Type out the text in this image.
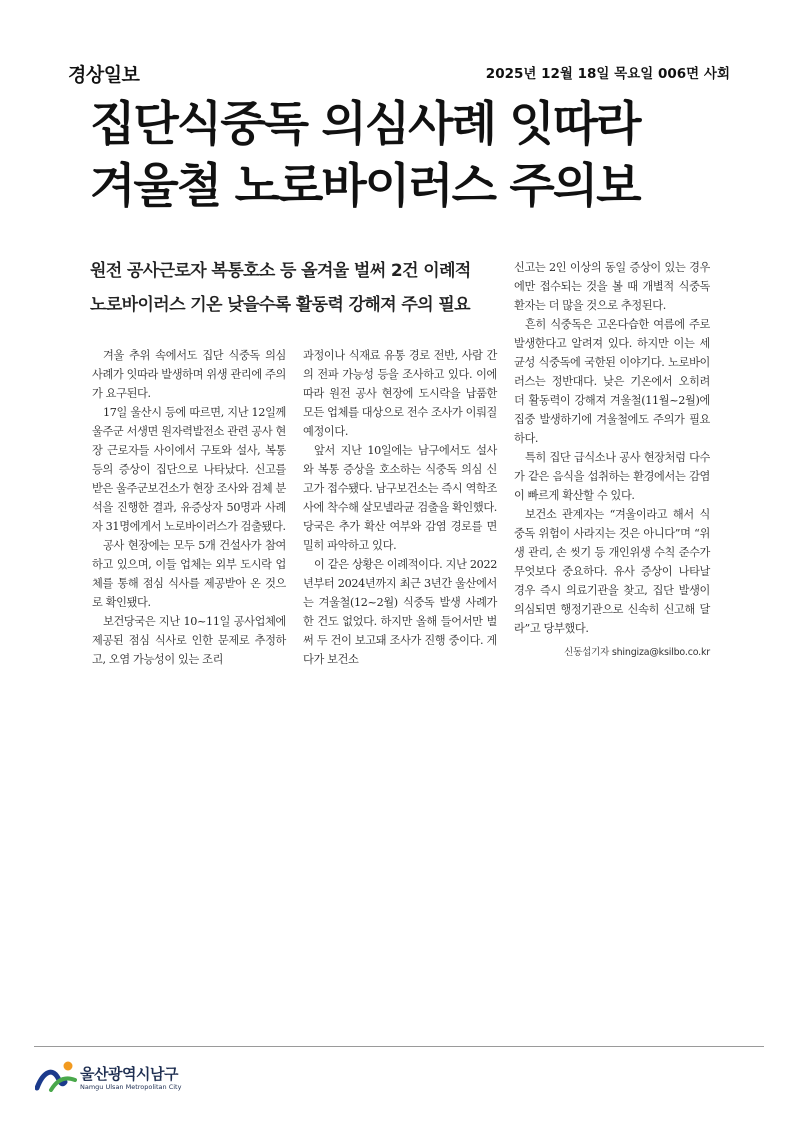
경상일보	2025년 12월 18일 목요일 006면 사회
집단식중독 의심사례 잇따라
겨울철 노로바이러스 주의보
원전 공사근로자 복통호소 등 올겨울 벌써 2건 이례적
노로바이러스 기온 낮을수록 활동력 강해져 주의 필요

겨울 추위 속에서도 집단 식중독 의심 사례가 잇따라 발생하며 위생 관리에 주의가 요구된다.

17일 울산시 등에 따르면, 지난 12일께 울주군 서생면 원자력발전소 관련 공사 현장 근로자들 사이에서 구토와 설사, 복통 등의 증상이 집단으로 나타났다. 신고를 받은 울주군보건소가 현장 조사와 검체 분석을 진행한 결과, 유증상자 50명과 사례자 31명에게서 노로바이러스가 검출됐다.

공사 현장에는 모두 5개 건설사가 참여하고 있으며, 이들 업체는 외부 도시락 업체를 통해 점심 식사를 제공받아 온 것으로 확인됐다.

보건당국은 지난 10~11일 공사업체에 제공된 점심 식사로 인한 문제로 추정하고, 오염 가능성이 있는 조리

과정이나 식재료 유통 경로 전반, 사람 간의 전파 가능성 등을 조사하고 있다. 이에 따라 원전 공사 현장에 도시락을 납품한 모든 업체를 대상으로 전수 조사가 이뤄질 예정이다.

앞서 지난 10일에는 남구에서도 설사와 복통 증상을 호소하는 식중독 의심 신고가 접수됐다. 남구보건소는 즉시 역학조사에 착수해 살모넬라균 검출을 확인했다. 당국은 추가 확산 여부와 감염 경로를 면밀히 파악하고 있다.

이 같은 상황은 이례적이다. 지난 2022년부터 2024년까지 최근 3년간 울산에서는 겨울철(12~2월) 식중독 발생 사례가 한 건도 없었다. 하지만 올해 들어서만 벌써 두 건이 보고돼 조사가 진행 중이다. 게다가 보건소

신고는 2인 이상의 동일 증상이 있는 경우에만 접수되는 것을 볼 때 개별적 식중독 환자는 더 많을 것으로 추정된다.

흔히 식중독은 고온다습한 여름에 주로 발생한다고 알려져 있다. 하지만 이는 세균성 식중독에 국한된 이야기다. 노로바이러스는 정반대다. 낮은 기온에서 오히려 더 활동력이 강해져 겨울철(11월~2월)에 집중 발생하기에 겨울철에도 주의가 필요하다.

특히 집단 급식소나 공사 현장처럼 다수가 같은 음식을 섭취하는 환경에서는 감염이 빠르게 확산할 수 있다.

보건소 관계자는 “겨울이라고 해서 식중독 위험이 사라지는 것은 아니다”며 “위생 관리, 손 씻기 등 개인위생 수칙 준수가 무엇보다 중요하다. 유사 증상이 나타날 경우 즉시 의료기관을 찾고, 집단 발생이 의심되면 행정기관으로 신속히 신고해 달라”고 당부했다.

신동섭기자 shingiza@ksilbo.co.kr
울산광역시남구
Namgu Ulsan Metropolitan City
